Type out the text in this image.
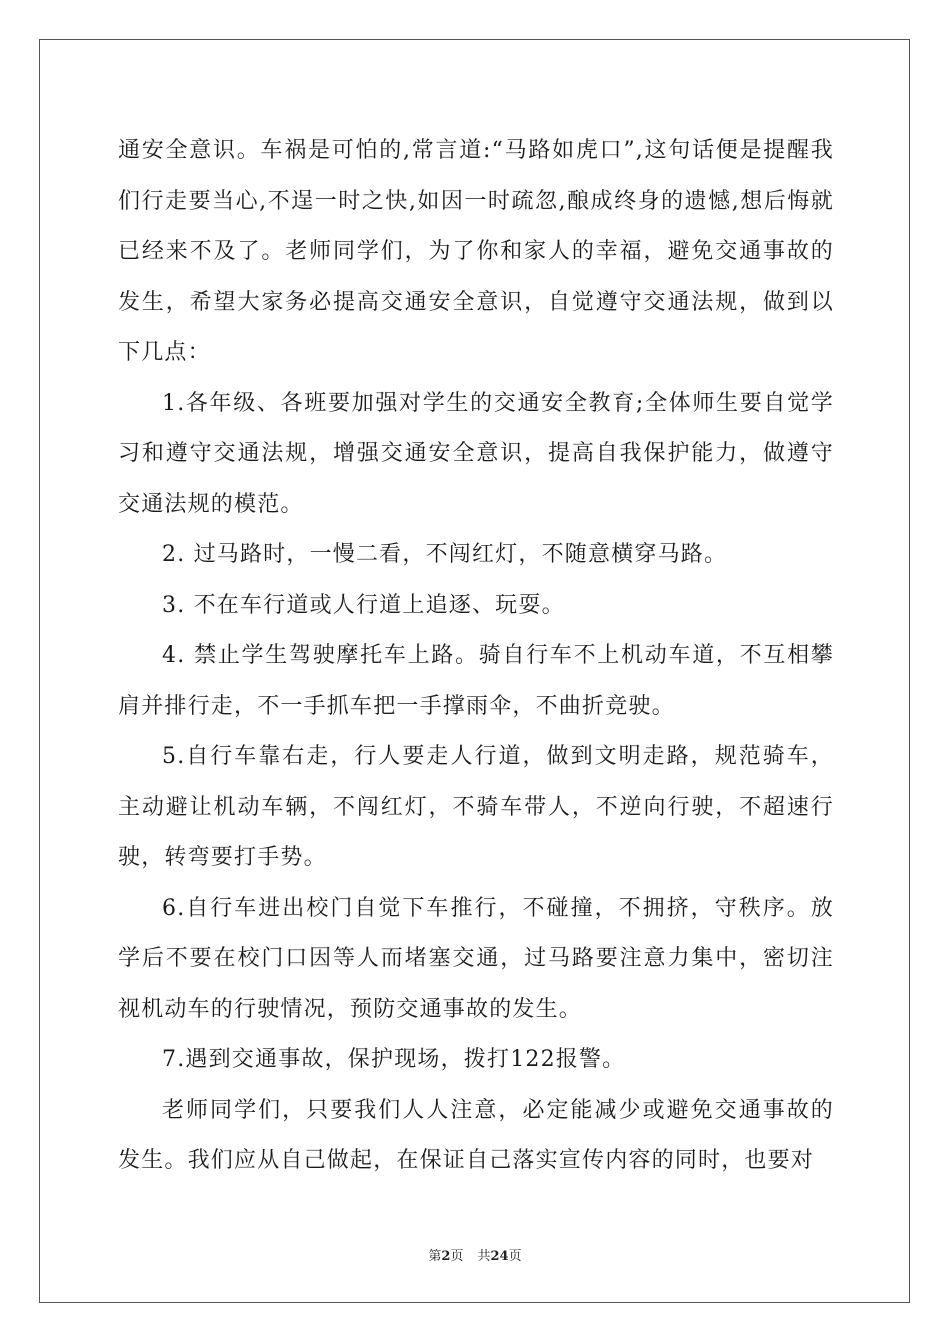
通安全意识。车祸是可怕的,常言道:“马路如虎口”,这句话便是提醒我们行走要当心,不逞一时之快,如因一时疏忽,酿成终身的遗憾,想后悔就已经来不及了。老师同学们，为了你和家人的幸福，避免交通事故的发生，希望大家务必提高交通安全意识，自觉遵守交通法规，做到以下几点：

1.各年级、各班要加强对学生的交通安全教育;全体师生要自觉学习和遵守交通法规，增强交通安全意识，提高自我保护能力，做遵守交通法规的模范。

2. 过马路时，一慢二看，不闯红灯，不随意横穿马路。

3. 不在车行道或人行道上追逐、玩耍。

4. 禁止学生驾驶摩托车上路。骑自行车不上机动车道，不互相攀肩并排行走，不一手抓车把一手撑雨伞，不曲折竞驶。

5.自行车靠右走，行人要走人行道，做到文明走路，规范骑车，主动避让机动车辆，不闯红灯，不骑车带人，不逆向行驶，不超速行驶，转弯要打手势。

6.自行车进出校门自觉下车推行，不碰撞，不拥挤，守秩序。放学后不要在校门口因等人而堵塞交通，过马路要注意力集中，密切注视机动车的行驶情况，预防交通事故的发生。

7.遇到交通事故，保护现场，拨打122报警。

老师同学们，只要我们人人注意，必定能减少或避免交通事故的发生。我们应从自己做起，在保证自己落实宣传内容的同时，也要对

第2页 共24页
